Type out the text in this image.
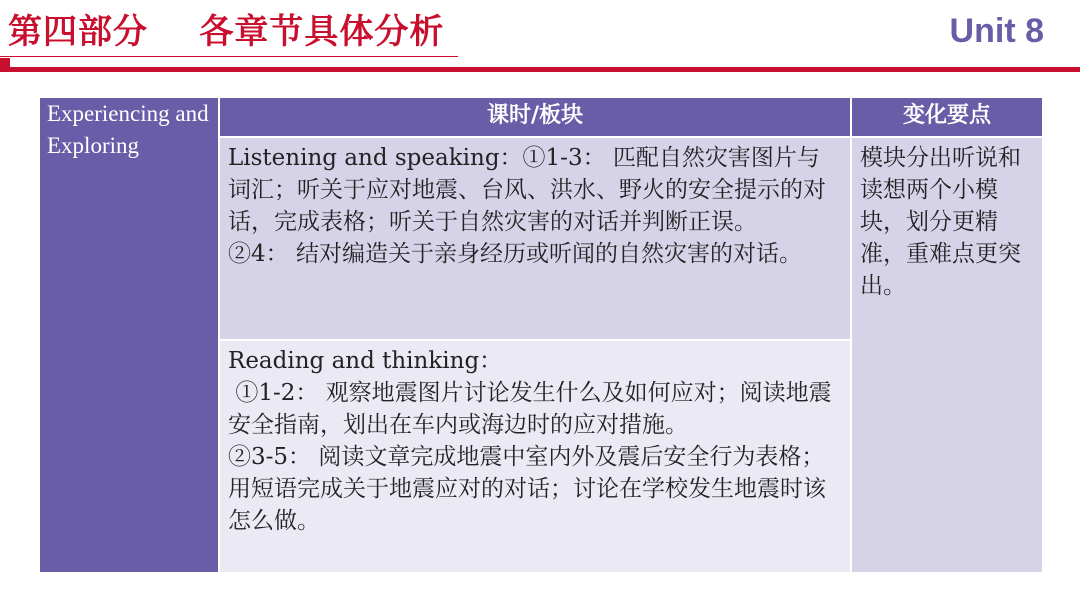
第四部分    各章节具体分析	Unit 8
Experiencing and Exploring	课时/板块	变化要点

	Listening and speaking：①1-3： 匹配自然灾害图片与词汇；听关于应对地震、台风、洪水、野火的安全提示的对话，完成表格；听关于自然灾害的对话并判断正误。
②4： 结对编造关于亲身经历或听闻的自然灾害的对话。	模块分出听说和读想两个小模块，划分更精准，重难点更突出。

	Reading and thinking：
①1-2： 观察地震图片讨论发生什么及如何应对；阅读地震安全指南，划出在车内或海边时的应对措施。
②3-5： 阅读文章完成地震中室内外及震后安全行为表格；用短语完成关于地震应对的对话；讨论在学校发生地震时该怎么做。	
